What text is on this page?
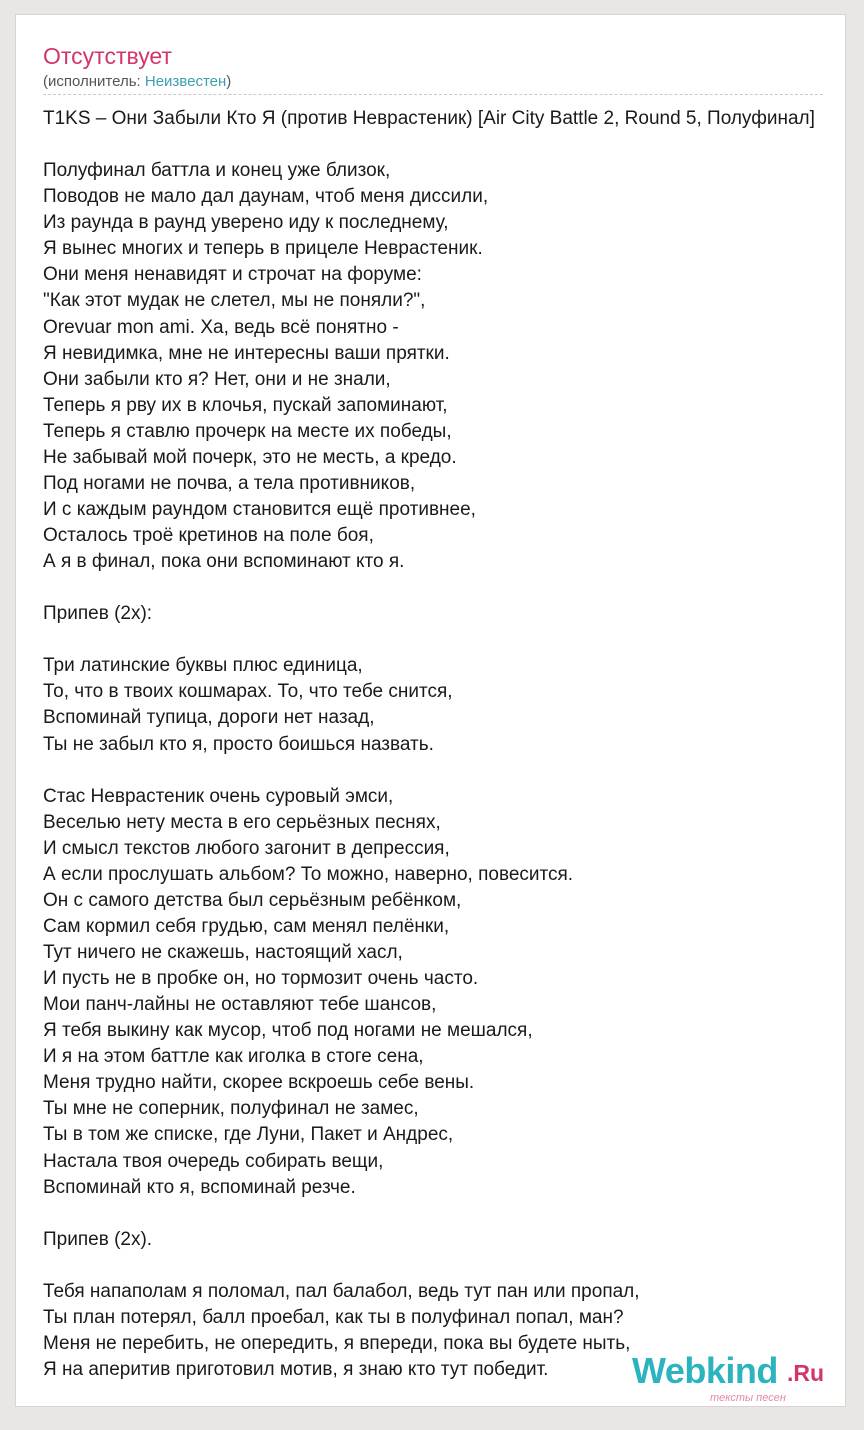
Отсутствует
(исполнитель: Неизвестен)
T1KS – Они Забыли Кто Я (против Неврастеник) [Air City Battle 2, Round 5, Полуфинал]
Полуфинал баттла и конец уже близок,
Поводов не мало дал даунам, чтоб меня диссили,
Из раунда в раунд уверено иду к последнему,
Я вынес многих и теперь в прицеле Неврастеник.
Они меня ненавидят и строчат на форуме:
"Как этот мудак не слетел, мы не поняли?",
Orevuar mon ami. Ха, ведь всё понятно -
Я невидимка, мне не интересны ваши прятки.
Они забыли кто я? Нет, они и не знали,
Теперь я рву их в клочья, пускай запоминают,
Теперь я ставлю прочерк на месте их победы,
Не забывай мой почерк, это не месть, а кредо.
Под ногами не почва, а тела противников,
И с каждым раундом становится ещё противнее,
Осталось троё кретинов на поле боя,
А я в финал, пока они вспоминают кто я.
Припев (2х):
Три латинские буквы плюс единица,
То, что в твоих кошмарах. То, что тебе снится,
Вспоминай тупица, дороги нет назад,
Ты не забыл кто я, просто боишься назвать.
Стас Неврастеник очень суровый эмси,
Веселью нету места в его серьёзных песнях,
И смысл текстов любого загонит в депрессия,
А если прослушать альбом? То можно, наверно, повесится.
Он с самого детства был серьёзным ребёнком,
Сам кормил себя грудью, сам менял пелёнки,
Тут ничего не скажешь, настоящий хасл,
И пусть не в пробке он, но тормозит очень часто.
Мои панч-лайны не оставляют тебе шансов,
Я тебя выкину как мусор, чтоб под ногами не мешался,
И я на этом баттле как иголка в стоге сена,
Меня трудно найти, скорее вскроешь себе вены.
Ты мне не соперник, полуфинал не замес,
Ты в том же списке, где Луни, Пакет и Андрес,
Настала твоя очередь собирать вещи,
Вспоминай кто я, вспоминай резче.
Припев (2х).
Тебя напаполам я поломал, пал балабол, ведь тут пан или пропал,
Ты план потерял, балл проебал, как ты в полуфинал попал, ман?
Меня не перебить, не опередить, я впереди, пока вы будете ныть,
Я на аперитив приготовил мотив, я знаю кто тут победит.	Webkind .Ru
тексты песен
